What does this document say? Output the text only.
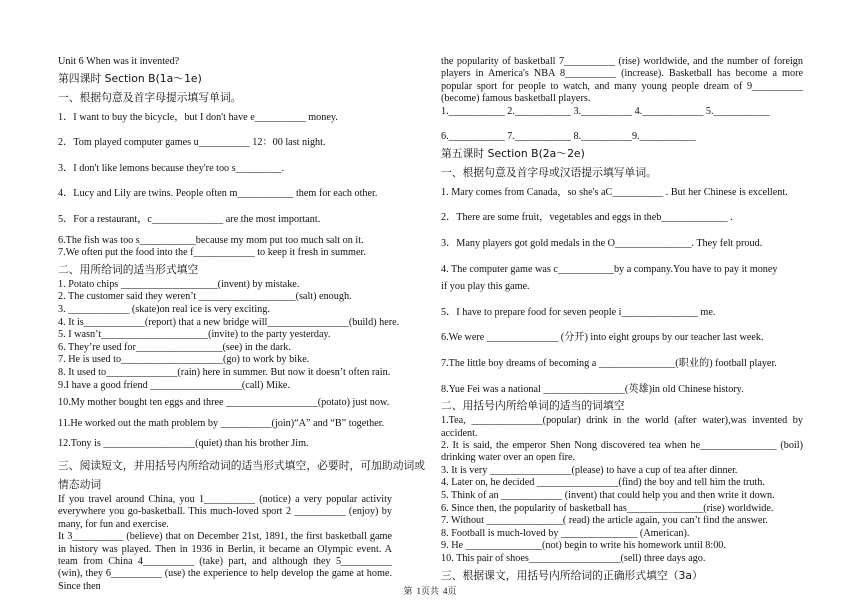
Unit 6 When was it invented?
第四课时 Section B(1a～1e)
一、根据句意及首字母提示填写单词。
1．I want to buy the bicycle，but I don't have e__________ money.
2．Tom played computer games u__________ 12：00 last night.
3．I don't like lemons because they're too s_________.
4．Lucy and Lily are twins. People often m___________ them for each other.
5．For a restaurant，c______________ are the most important.
6.The fish was too s___________because my mom put too much salt on it.
7.We often put the food into the f____________ to keep it fresh in summer.
二、用所给词的适当形式填空
1. Potato chips ___________________(invent) by mistake.
2. The customer said they weren’t ___________________(salt) enough.
3. ____________ (skate)on real ice is very exciting.
4. It is____________(report) that a new bridge will________________(build) here.
5. I wasn’t_____________________(invite) to the party yesterday.
6. They’re used for_________________(see) in the dark.
7. He is used to____________________(go) to work by bike.
8. It used to______________(rain) here in summer. But now it doesn’t often rain.
9.I have a good friend __________________(call) Mike.
10.My mother bought ten eggs and three __________________(potato) just now.
11.He worked out the math problem by __________(join)“A” and “B” together.
12.Tony is __________________(quiet) than his brother Jim.
三、阅读短文，并用括号内所给动词的适当形式填空，必要时，可加助动词或
情态动词
If you travel around China, you 1__________ (notice) a very popular activity everywhere you go-basketball. This much-loved sport 2 __________ (enjoy) by many, for fun and exercise.
It 3__________ (believe) that on December 21st, 1891, the first basketball game in history was played. Then in 1936 in Berlin, it became an Olympic event. A team from China 4__________ (take) part, and although they 5__________ (win), they 6__________ (use) the experience to help develop the game at home. Since then
the popularity of basketball 7__________ (rise) worldwide, and the number of foreign players in America's NBA 8__________ (increase). Basketball has become a more popular sport for people to watch, and many young people dream of 9__________ (become) famous basketball players.
1.___________ 2.___________ 3.__________ 4.____________ 5.___________
6.___________ 7.___________ 8.__________9.___________
第五课时 Section B(2a～2e)
一、根据句意及首字母或汉语提示填写单词。
1. Mary comes from Canada，so she's aC__________ . But her Chinese is excellent.
2．There are some fruit，vegetables and eggs in theb_____________ .
3．Many players got gold medals in the O_______________. They felt proud.
4. The computer game was c___________by a company.You have to pay it money
if you play this game.
5．I have to prepare food for seven people i_______________ me.
6.We were ______________ (分开) into eight groups by our teacher last week.
7.The little boy dreams of becoming a _______________(职业的) football player.
8.Yue Fei was a national ________________(英雄)in old Chinese history.
二、用括号内所给单词的适当的词填空
1.Tea, ______________(popular) drink in the world (after water),was invented by accident.
2. It is said, the emperor Shen Nong discovered tea when he_______________ (boil) drinking water over an open fire.
3. It is very ________________(please) to have a cup of tea after dinner.
4. Later on, he decided ________________(find) the boy and tell him the truth.
5. Think of an ____________ (invent) that could help you and then write it down.
6. Since then, the popularity of basketball has_______________(rise) worldwide.
7. Without _______________( read) the article again, you can’t find the answer.
8. Football is much-loved by _______________ (American).
9. He _______________(not) begin to write his homework until 8:00.
10. This pair of shoes__________________(sell) three days ago.
三、根据课文，用括号内所给词的正确形式填空（3a）
第 1页共 4页
